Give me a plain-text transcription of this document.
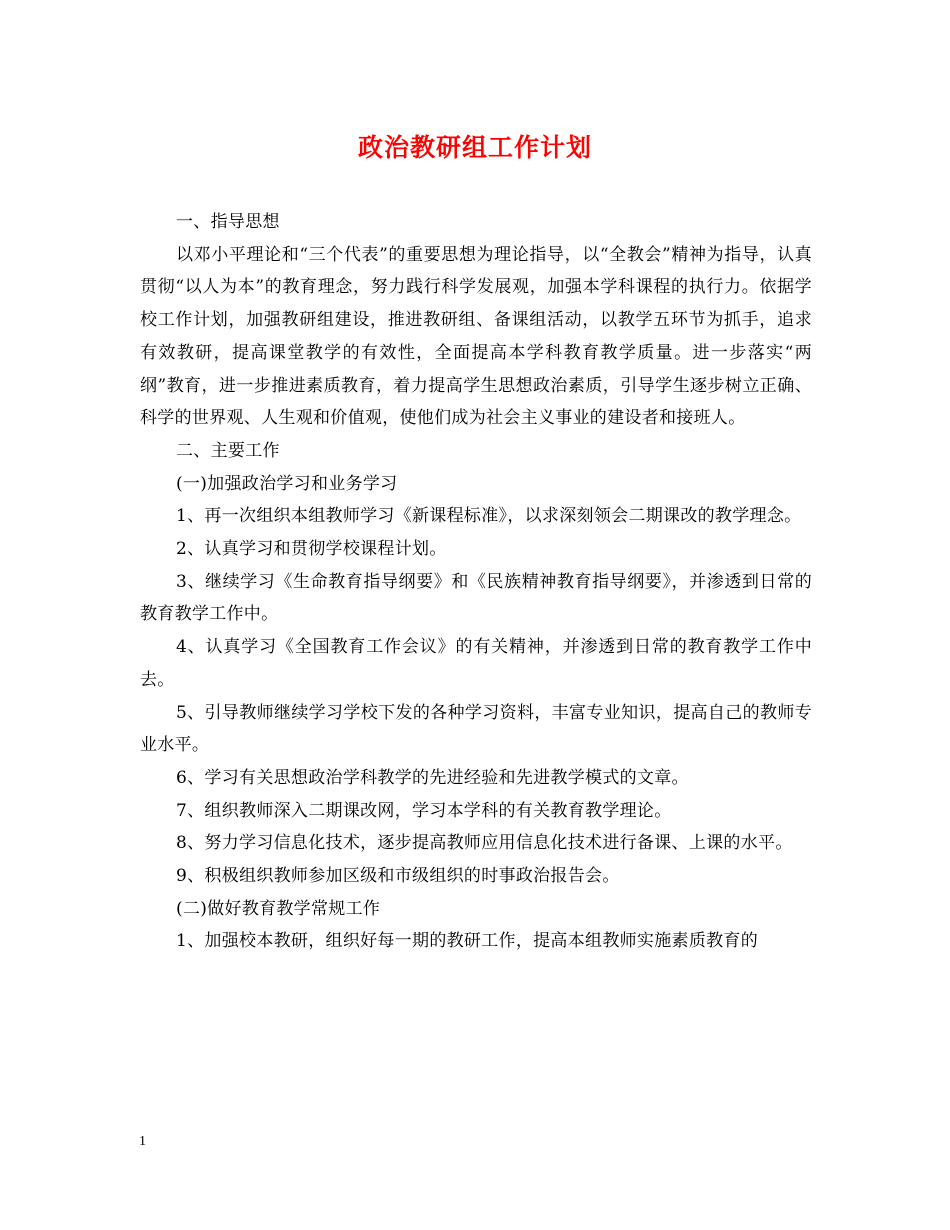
政治教研组工作计划

一、指导思想

以邓小平理论和“三个代表”的重要思想为理论指导，以“全教会”精神为指导，认真贯彻“以人为本”的教育理念，努力践行科学发展观，加强本学科课程的执行力。依据学校工作计划，加强教研组建设，推进教研组、备课组活动，以教学五环节为抓手，追求有效教研，提高课堂教学的有效性，全面提高本学科教育教学质量。进一步落实“两纲”教育，进一步推进素质教育，着力提高学生思想政治素质，引导学生逐步树立正确、科学的世界观、人生观和价值观，使他们成为社会主义事业的建设者和接班人。

二、主要工作

(一)加强政治学习和业务学习

1、再一次组织本组教师学习《新课程标准》，以求深刻领会二期课改的教学理念。

2、认真学习和贯彻学校课程计划。

3、继续学习《生命教育指导纲要》和《民族精神教育指导纲要》，并渗透到日常的教育教学工作中。

4、认真学习《全国教育工作会议》的有关精神，并渗透到日常的教育教学工作中去。

5、引导教师继续学习学校下发的各种学习资料，丰富专业知识，提高自己的教师专业水平。

6、学习有关思想政治学科教学的先进经验和先进教学模式的文章。

7、组织教师深入二期课改网，学习本学科的有关教育教学理论。

8、努力学习信息化技术，逐步提高教师应用信息化技术进行备课、上课的水平。

9、积极组织教师参加区级和市级组织的时事政治报告会。

(二)做好教育教学常规工作

1、加强校本教研，组织好每一期的教研工作，提高本组教师实施素质教育的

1
